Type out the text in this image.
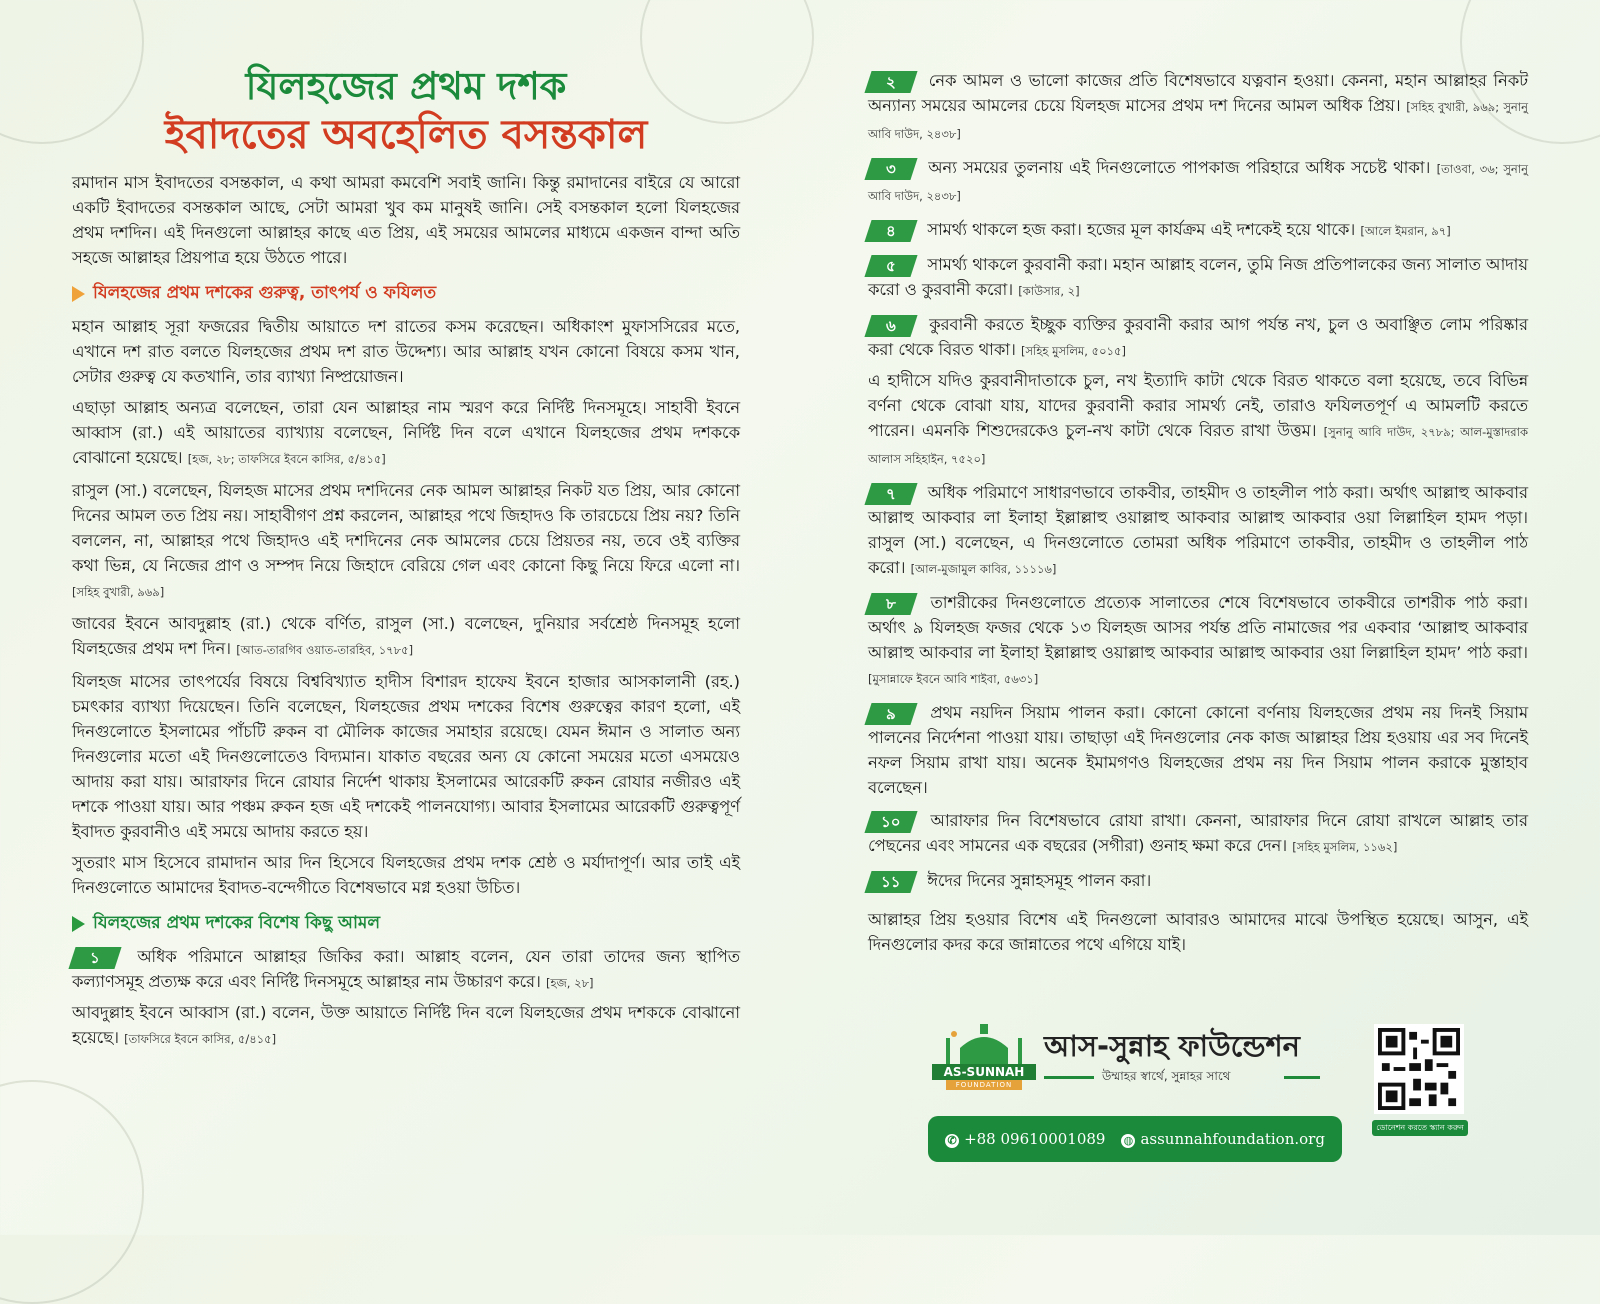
যিলহজের প্রথম দশক
ইবাদতের অবহেলিত বসন্তকাল

রমাদান মাস ইবাদতের বসন্তকাল, এ কথা আমরা কমবেশি সবাই জানি। কিন্তু রমাদানের বাইরে যে আরো একটি ইবাদতের বসন্তকাল আছে, সেটা আমরা খুব কম মানুষই জানি। সেই বসন্তকাল হলো যিলহজের প্রথম দশদিন। এই দিনগুলো আল্লাহর কাছে এত প্রিয়, এই সময়ের আমলের মাধ্যমে একজন বান্দা অতি সহজে আল্লাহর প্রিয়পাত্র হয়ে উঠতে পারে।

যিলহজের প্রথম দশকের গুরুত্ব, তাৎপর্য ও ফযিলত

মহান আল্লাহ সূরা ফজরের দ্বিতীয় আয়াতে দশ রাতের কসম করেছেন। অধিকাংশ মুফাসসিরের মতে, এখানে দশ রাত বলতে যিলহজের প্রথম দশ রাত উদ্দেশ্য। আর আল্লাহ যখন কোনো বিষয়ে কসম খান, সেটার গুরুত্ব যে কতখানি, তার ব্যাখ্যা নিষ্প্রয়োজন।

এছাড়া আল্লাহ অন্যত্র বলেছেন, তারা যেন আল্লাহর নাম স্মরণ করে নির্দিষ্ট দিনসমূহে। সাহাবী ইবনে আব্বাস (রা.) এই আয়াতের ব্যাখ্যায় বলেছেন, নির্দিষ্ট দিন বলে এখানে যিলহজের প্রথম দশককে বোঝানো হয়েছে। [হজ, ২৮; তাফসিরে ইবনে কাসির, ৫/৪১৫]

রাসুল (সা.) বলেছেন, যিলহজ মাসের প্রথম দশদিনের নেক আমল আল্লাহর নিকট যত প্রিয়, আর কোনো দিনের আমল তত প্রিয় নয়। সাহাবীগণ প্রশ্ন করলেন, আল্লাহর পথে জিহাদও কি তারচেয়ে প্রিয় নয়? তিনি বললেন, না, আল্লাহর পথে জিহাদও এই দশদিনের নেক আমলের চেয়ে প্রিয়তর নয়, তবে ওই ব্যক্তির কথা ভিন্ন, যে নিজের প্রাণ ও সম্পদ নিয়ে জিহাদে বেরিয়ে গেল এবং কোনো কিছু নিয়ে ফিরে এলো না। [সহিহ বুখারী, ৯৬৯]

জাবের ইবনে আবদুল্লাহ (রা.) থেকে বর্ণিত, রাসুল (সা.) বলেছেন, দুনিয়ার সর্বশ্রেষ্ঠ দিনসমূহ হলো যিলহজের প্রথম দশ দিন। [আত-তারগিব ওয়াত-তারহিব, ১৭৮৫]

যিলহজ মাসের তাৎপর্যের বিষয়ে বিশ্ববিখ্যাত হাদীস বিশারদ হাফেয ইবনে হাজার আসকালানী (রহ.) চমৎকার ব্যাখ্যা দিয়েছেন। তিনি বলেছেন, যিলহজের প্রথম দশকের বিশেষ গুরুত্বের কারণ হলো, এই দিনগুলোতে ইসলামের পাঁচটি রুকন বা মৌলিক কাজের সমাহার রয়েছে। যেমন ঈমান ও সালাত অন্য দিনগুলোর মতো এই দিনগুলোতেও বিদ্যমান। যাকাত বছরের অন্য যে কোনো সময়ের মতো এসময়েও আদায় করা যায়। আরাফার দিনে রোযার নির্দেশ থাকায় ইসলামের আরেকটি রুকন রোযার নজীরও এই দশকে পাওয়া যায়। আর পঞ্চম রুকন হজ এই দশকেই পালনযোগ্য। আবার ইসলামের আরেকটি গুরুত্বপূর্ণ ইবাদত কুরবানীও এই সময়ে আদায় করতে হয়।

সুতরাং মাস হিসেবে রামাদান আর দিন হিসেবে যিলহজের প্রথম দশক শ্রেষ্ঠ ও মর্যাদাপূর্ণ। আর তাই এই দিনগুলোতে আমাদের ইবাদত-বন্দেগীতে বিশেষভাবে মগ্ন হওয়া উচিত।

যিলহজের প্রথম দশকের বিশেষ কিছু আমল
১ অধিক পরিমানে আল্লাহর জিকির করা। আল্লাহ বলেন, যেন তারা তাদের জন্য স্থাপিত কল্যাণসমূহ প্রত্যক্ষ করে এবং নির্দিষ্ট দিনসমূহে আল্লাহর নাম উচ্চারণ করে। [হজ, ২৮]
আবদুল্লাহ ইবনে আব্বাস (রা.) বলেন, উক্ত আয়াতে নির্দিষ্ট দিন বলে যিলহজের প্রথম দশককে বোঝানো হয়েছে। [তাফসিরে ইবনে কাসির, ৫/৪১৫]
২ নেক আমল ও ভালো কাজের প্রতি বিশেষভাবে যত্নবান হওয়া। কেননা, মহান আল্লাহর নিকট অন্যান্য সময়ের আমলের চেয়ে যিলহজ মাসের প্রথম দশ দিনের আমল অধিক প্রিয়। [সহিহ বুখারী, ৯৬৯; সুনানু আবি দাউদ, ২৪৩৮]
৩ অন্য সময়ের তুলনায় এই দিনগুলোতে পাপকাজ পরিহারে অধিক সচেষ্ট থাকা। [তাওবা, ৩৬; সুনানু আবি দাউদ, ২৪৩৮]
৪ সামর্থ্য থাকলে হজ করা। হজের মূল কার্যক্রম এই দশকেই হয়ে থাকে। [আলে ইমরান, ৯৭]
৫ সামর্থ্য থাকলে কুরবানী করা। মহান আল্লাহ বলেন, তুমি নিজ প্রতিপালকের জন্য সালাত আদায় করো ও কুরবানী করো। [কাউসার, ২]
৬ কুরবানী করতে ইচ্ছুক ব্যক্তির কুরবানী করার আগ পর্যন্ত নখ, চুল ও অবাঞ্ছিত লোম পরিষ্কার করা থেকে বিরত থাকা। [সহিহ মুসলিম, ৫০১৫]
এ হাদীসে যদিও কুরবানীদাতাকে চুল, নখ ইত্যাদি কাটা থেকে বিরত থাকতে বলা হয়েছে, তবে বিভিন্ন বর্ণনা থেকে বোঝা যায়, যাদের কুরবানী করার সামর্থ্য নেই, তারাও ফযিলতপূর্ণ এ আমলটি করতে পারেন। এমনকি শিশুদেরকেও চুল-নখ কাটা থেকে বিরত রাখা উত্তম। [সুনানু আবি দাউদ, ২৭৮৯; আল-মুস্তাদরাক আলাস সহিহাইন, ৭৫২০]
৭ অধিক পরিমাণে সাধারণভাবে তাকবীর, তাহমীদ ও তাহলীল পাঠ করা। অর্থাৎ আল্লাহু আকবার আল্লাহু আকবার লা ইলাহা ইল্লাল্লাহু ওয়াল্লাহু আকবার আল্লাহু আকবার ওয়া লিল্লাহিল হামদ পড়া। রাসুল (সা.) বলেছেন, এ দিনগুলোতে তোমরা অধিক পরিমাণে তাকবীর, তাহমীদ ও তাহলীল পাঠ করো। [আল-মুজামুল কাবির, ১১১১৬]
৮ তাশরীকের দিনগুলোতে প্রত্যেক সালাতের শেষে বিশেষভাবে তাকবীরে তাশরীক পাঠ করা। অর্থাৎ ৯ যিলহজ ফজর থেকে ১৩ যিলহজ আসর পর্যন্ত প্রতি নামাজের পর একবার ‘আল্লাহু আকবার আল্লাহু আকবার লা ইলাহা ইল্লাল্লাহু ওয়াল্লাহু আকবার আল্লাহু আকবার ওয়া লিল্লাহিল হামদ’ পাঠ করা। [মুসান্নাফে ইবনে আবি শাইবা, ৫৬৩১]
৯ প্রথম নয়দিন সিয়াম পালন করা। কোনো কোনো বর্ণনায় যিলহজের প্রথম নয় দিনই সিয়াম পালনের নির্দেশনা পাওয়া যায়। তাছাড়া এই দিনগুলোর নেক কাজ আল্লাহর প্রিয় হওয়ায় এর সব দিনেই নফল সিয়াম রাখা যায়। অনেক ইমামগণও যিলহজের প্রথম নয় দিন সিয়াম পালন করাকে মুস্তাহাব বলেছেন।
১০ আরাফার দিন বিশেষভাবে রোযা রাখা। কেননা, আরাফার দিনে রোযা রাখলে আল্লাহ তার পেছনের এবং সামনের এক বছরের (সগীরা) গুনাহ ক্ষমা করে দেন। [সহিহ মুসলিম, ১১৬২]
১১ ঈদের দিনের সুন্নাহসমূহ পালন করা।

আল্লাহর প্রিয় হওয়ার বিশেষ এই দিনগুলো আবারও আমাদের মাঝে উপস্থিত হয়েছে। আসুন, এই দিনগুলোর কদর করে জান্নাতের পথে এগিয়ে যাই।

AS-SUNNAH
FOUNDATION
আস-সুন্নাহ ফাউন্ডেশন
উম্মাহর স্বার্থে, সুন্নাহর সাথে
✆ +88 09610001089 ◍ assunnahfoundation.org
ডোনেশন করতে স্ক্যান করুন
